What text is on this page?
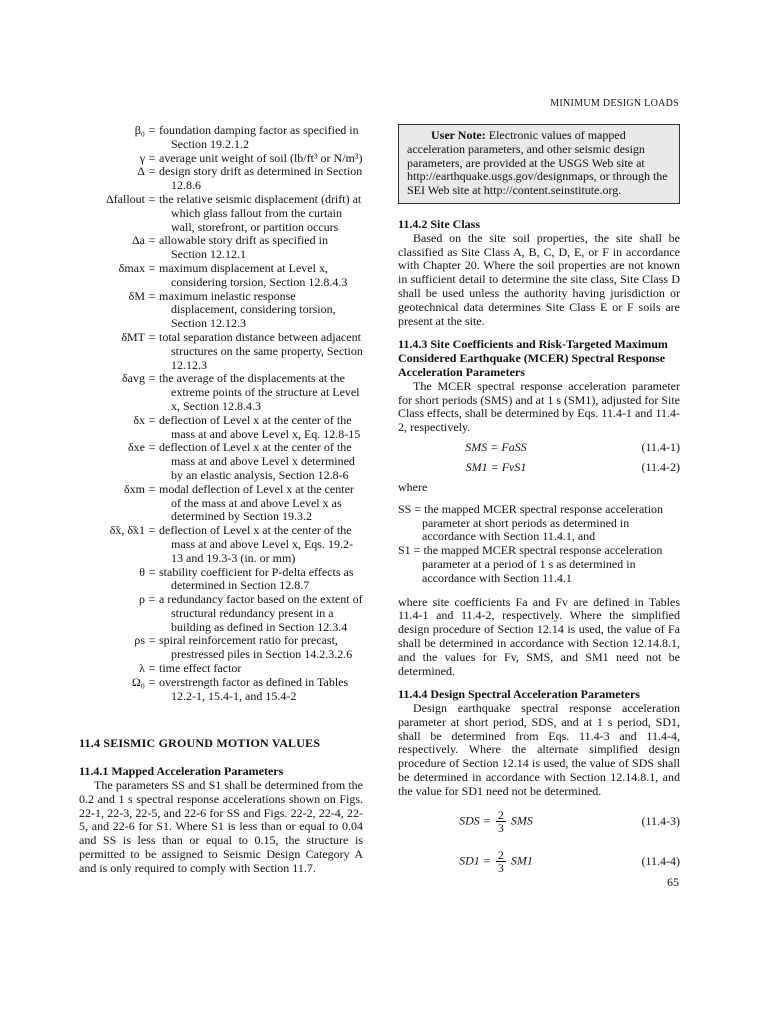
MINIMUM DESIGN LOADS
β₀ = foundation damping factor as specified in Section 19.2.1.2
γ = average unit weight of soil (lb/ft³ or N/m³)
Δ = design story drift as determined in Section 12.8.6
Δfallout = the relative seismic displacement (drift) at which glass fallout from the curtain wall, storefront, or partition occurs
Δa = allowable story drift as specified in Section 12.12.1
δmax = maximum displacement at Level x, considering torsion, Section 12.8.4.3
δM = maximum inelastic response displacement, considering torsion, Section 12.12.3
δMT = total separation distance between adjacent structures on the same property, Section 12.12.3
δavg = the average of the displacements at the extreme points of the structure at Level x, Section 12.8.4.3
δx = deflection of Level x at the center of the mass at and above Level x, Eq. 12.8-15
δxe = deflection of Level x at the center of the mass at and above Level x determined by an elastic analysis, Section 12.8-6
δxm = modal deflection of Level x at the center of the mass at and above Level x as determined by Section 19.3.2
δ̃x, δ̃x1 = deflection of Level x at the center of the mass at and above Level x, Eqs. 19.2-13 and 19.3-3 (in. or mm)
θ = stability coefficient for P-delta effects as determined in Section 12.8.7
ρ = a redundancy factor based on the extent of structural redundancy present in a building as defined in Section 12.3.4
ρs = spiral reinforcement ratio for precast, prestressed piles in Section 14.2.3.2.6
λ = time effect factor
Ω₀ = overstrength factor as defined in Tables 12.2-1, 15.4-1, and 15.4-2
11.4 SEISMIC GROUND MOTION VALUES

11.4.1 Mapped Acceleration Parameters

The parameters SS and S1 shall be determined from the 0.2 and 1 s spectral response accelerations shown on Figs. 22-1, 22-3, 22-5, and 22-6 for SS and Figs. 22-2, 22-4, 22-5, and 22-6 for S1. Where S1 is less than or equal to 0.04 and SS is less than or equal to 0.15, the structure is permitted to be assigned to Seismic Design Category A and is only required to comply with Section 11.7.

User Note: Electronic values of mapped acceleration parameters, and other seismic design parameters, are provided at the USGS Web site at http://earthquake.usgs.gov/designmaps, or through the SEI Web site at http://content.seinstitute.org.

11.4.2 Site Class

Based on the site soil properties, the site shall be classified as Site Class A, B, C, D, E, or F in accordance with Chapter 20. Where the soil properties are not known in sufficient detail to determine the site class, Site Class D shall be used unless the authority having jurisdiction or geotechnical data determines Site Class E or F soils are present at the site.

11.4.3 Site Coefficients and Risk-Targeted Maximum Considered Earthquake (MCER) Spectral Response Acceleration Parameters

The MCER spectral response acceleration parameter for short periods (SMS) and at 1 s (SM1), adjusted for Site Class effects, shall be determined by Eqs. 11.4-1 and 11.4-2, respectively.

SMS = FaSS	(11.4-1)
SM1 = FvS1	(11.4-2)

where

SS = the mapped MCER spectral response acceleration parameter at short periods as determined in accordance with Section 11.4.1, and

S1 = the mapped MCER spectral response acceleration parameter at a period of 1 s as determined in accordance with Section 11.4.1

where site coefficients Fa and Fv are defined in Tables 11.4-1 and 11.4-2, respectively. Where the simplified design procedure of Section 12.14 is used, the value of Fa shall be determined in accordance with Section 12.14.8.1, and the values for Fv, SMS, and SM1 need not be determined.

11.4.4 Design Spectral Acceleration Parameters

Design earthquake spectral response acceleration parameter at short period, SDS, and at 1 s period, SD1, shall be determined from Eqs. 11.4-3 and 11.4-4, respectively. Where the alternate simplified design procedure of Section 12.14 is used, the value of SDS shall be determined in accordance with Section 12.14.8.1, and the value for SD1 need not be determined.

SDS = $\frac{2}{3}$ SMS	(11.4-3)
$SD1 = \frac{2}{3} SM1$	(11.4-4)
65
